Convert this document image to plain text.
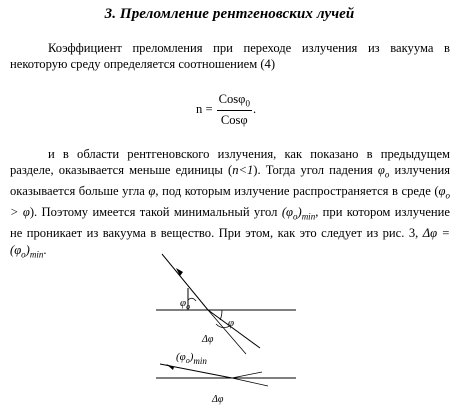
3. Преломление рентгеновских лучей

Коэффициент преломления при переходе излучения из вакуума в некоторую среду определяется соотношением (4)

$n = \frac{Cos\varphi_0}{\text{Cosφ}}$ .

и в области рентгеновского излучения, как показано в предыдущем разделе, оказывается меньше единицы (n<1). Тогда угол падения $\varphi_o$ излучения оказывается больше угла φ, под которым излучение распространяется в среде $(\varphi_o > \varphi)$. Поэтому имеется такой минимальный угол $(\varphi_o)_{min}$, при котором излучение не проникает из вакуума в вещество. При этом, как это следует из рис. 3, $\Delta\varphi = (\varphi_o)_{min}$.

$\varphi_o$
φ
Δφ
$(\varphi_o)_{min}$
Δφ
